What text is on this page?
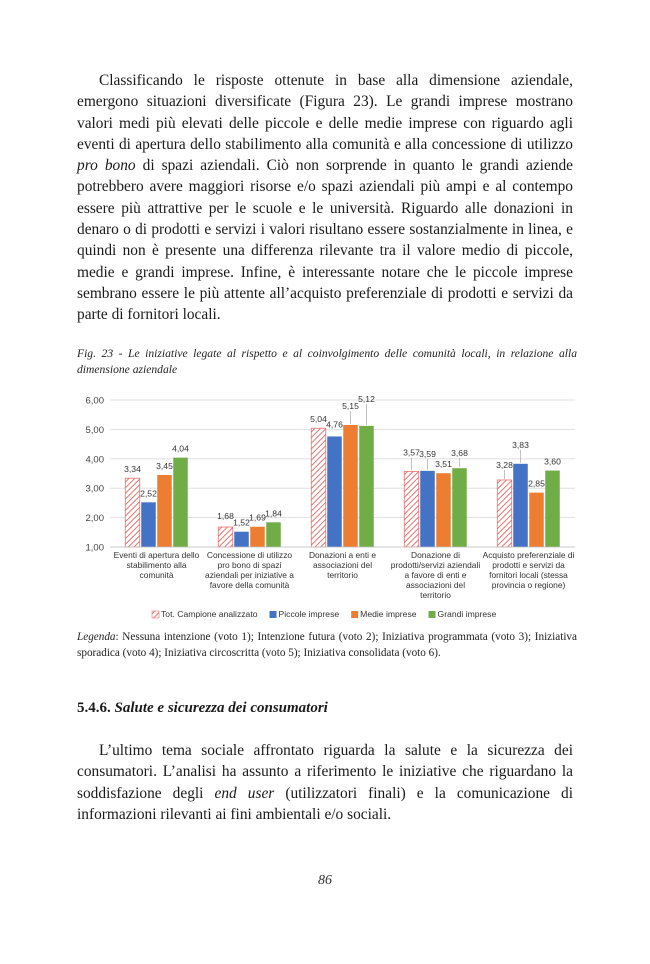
Classificando le risposte ottenute in base alla dimensione aziendale, emergono situazioni diversificate (Figura 23). Le grandi imprese mostrano valori medi più elevati delle piccole e delle medie imprese con riguardo agli eventi di apertura dello stabilimento alla comunità e alla concessione di utilizzo pro bono di spazi aziendali. Ciò non sorprende in quanto le grandi aziende potrebbero avere maggiori risorse e/o spazi aziendali più ampi e al contempo essere più attrattive per le scuole e le università. Riguardo alle donazioni in denaro o di prodotti e servizi i valori risultano essere sostanzialmente in linea, e quindi non è presente una differenza rilevante tra il valore medio di piccole, medie e grandi imprese. Infine, è interessante notare che le piccole imprese sembrano essere le più attente all’acquisto preferenziale di prodotti e servizi da parte di fornitori locali.

Fig. 23 - Le iniziative legate al rispetto e al coinvolgimento delle comunità locali, in relazione alla dimensione aziendale

3,34
1,68
5,04
3,57
3,28
2,52
1,52
4,76
3,59
3,83
3,45
1,69
5,15
3,51
2,85
4,04
1,84
5,12
3,68
3,60
1,00
2,00
3,00
4,00
5,00
6,00
Eventi di apertura dello
stabilimento alla
comunità
Concessione di utilizzo
pro bono di spazi
aziendali per iniziative a
favore della comunità
Donazioni a enti e
associazioni del
territorio
Donazione di
prodotti/servizi aziendali
a favore di enti e
associazioni del
territorio
Acquisto preferenziale di
prodotti e servizi da
fornitori locali (stessa
provincia o regione)
Tot. Campione analizzato Piccole imprese Medie imprese Grandi imprese

Legenda: Nessuna intenzione (voto 1); Intenzione futura (voto 2); Iniziativa programmata (voto 3); Iniziativa sporadica (voto 4); Iniziativa circoscritta (voto 5); Iniziativa consolidata (voto 6).

5.4.6. Salute e sicurezza dei consumatori

L’ultimo tema sociale affrontato riguarda la salute e la sicurezza dei consumatori. L’analisi ha assunto a riferimento le iniziative che riguardano la soddisfazione degli end user (utilizzatori finali) e la comunicazione di informazioni rilevanti ai fini ambientali e/o sociali.

86
